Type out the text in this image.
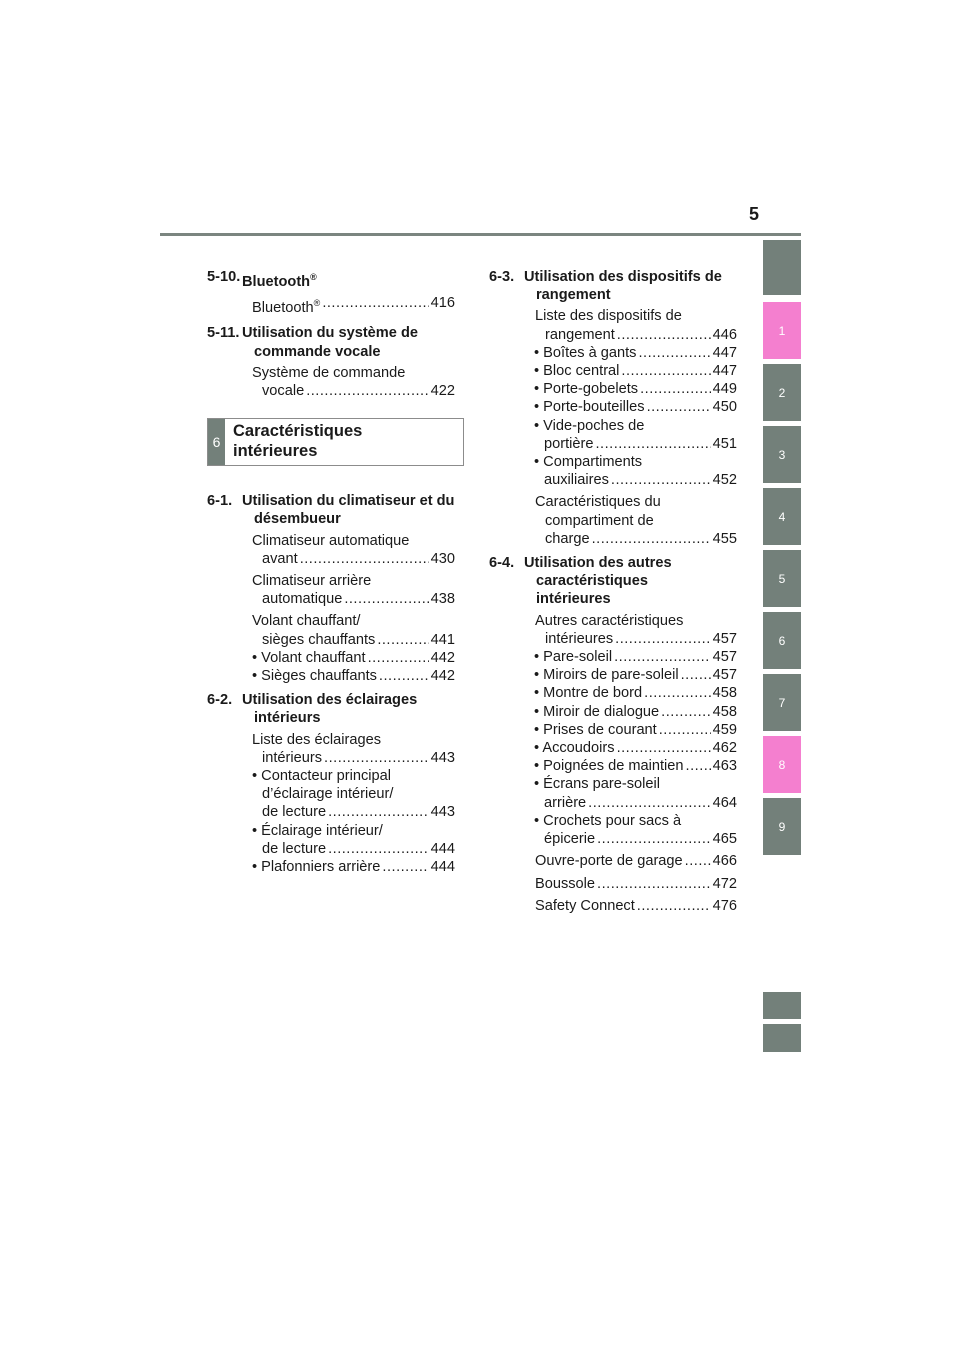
5
1
2
3
4
5
6
7
8
9
5-10. Bluetooth®
Bluetooth® .....	416
5-11. Utilisation du système de commande vocale
Système de commande
vocale .....	422
6
Caractéristiques
intérieures
6-1. Utilisation du climatiseur et du désembueur
Climatiseur automatique
avant .....	430
Climatiseur arrière
automatique .....	438
Volant chauffant/
sièges chauffants .....	441
• Volant chauffant .....	442
• Sièges chauffants .....	442
6-2. Utilisation des éclairages intérieurs
Liste des éclairages
intérieurs .....	443
• Contacteur principal
d’éclairage intérieur/
de lecture .....	443
• Éclairage intérieur/
de lecture .....	444
• Plafonniers arrière .....	444
6-3. Utilisation des dispositifs de rangement
Liste des dispositifs de
rangement .....	446
• Boîtes à gants .....	447
• Bloc central .....	447
• Porte-gobelets .....	449
• Porte-bouteilles .....	450
• Vide-poches de
portière .....	451
• Compartiments
auxiliaires .....	452
Caractéristiques du
compartiment de
charge .....	455
6-4. Utilisation des autres caractéristiques intérieures
Autres caractéristiques
intérieures .....	457
• Pare-soleil .....	457
• Miroirs de pare-soleil ..... 457
• Montre de bord .....	458
• Miroir de dialogue .....	458
• Prises de courant .....	459
• Accoudoirs .....	462
• Poignées de maintien ..... 463
• Écrans pare-soleil
arrière .....	464
• Crochets pour sacs à
épicerie .....	465
Ouvre-porte de garage ..... 466
Boussole .....	472
Safety Connect .....	476
